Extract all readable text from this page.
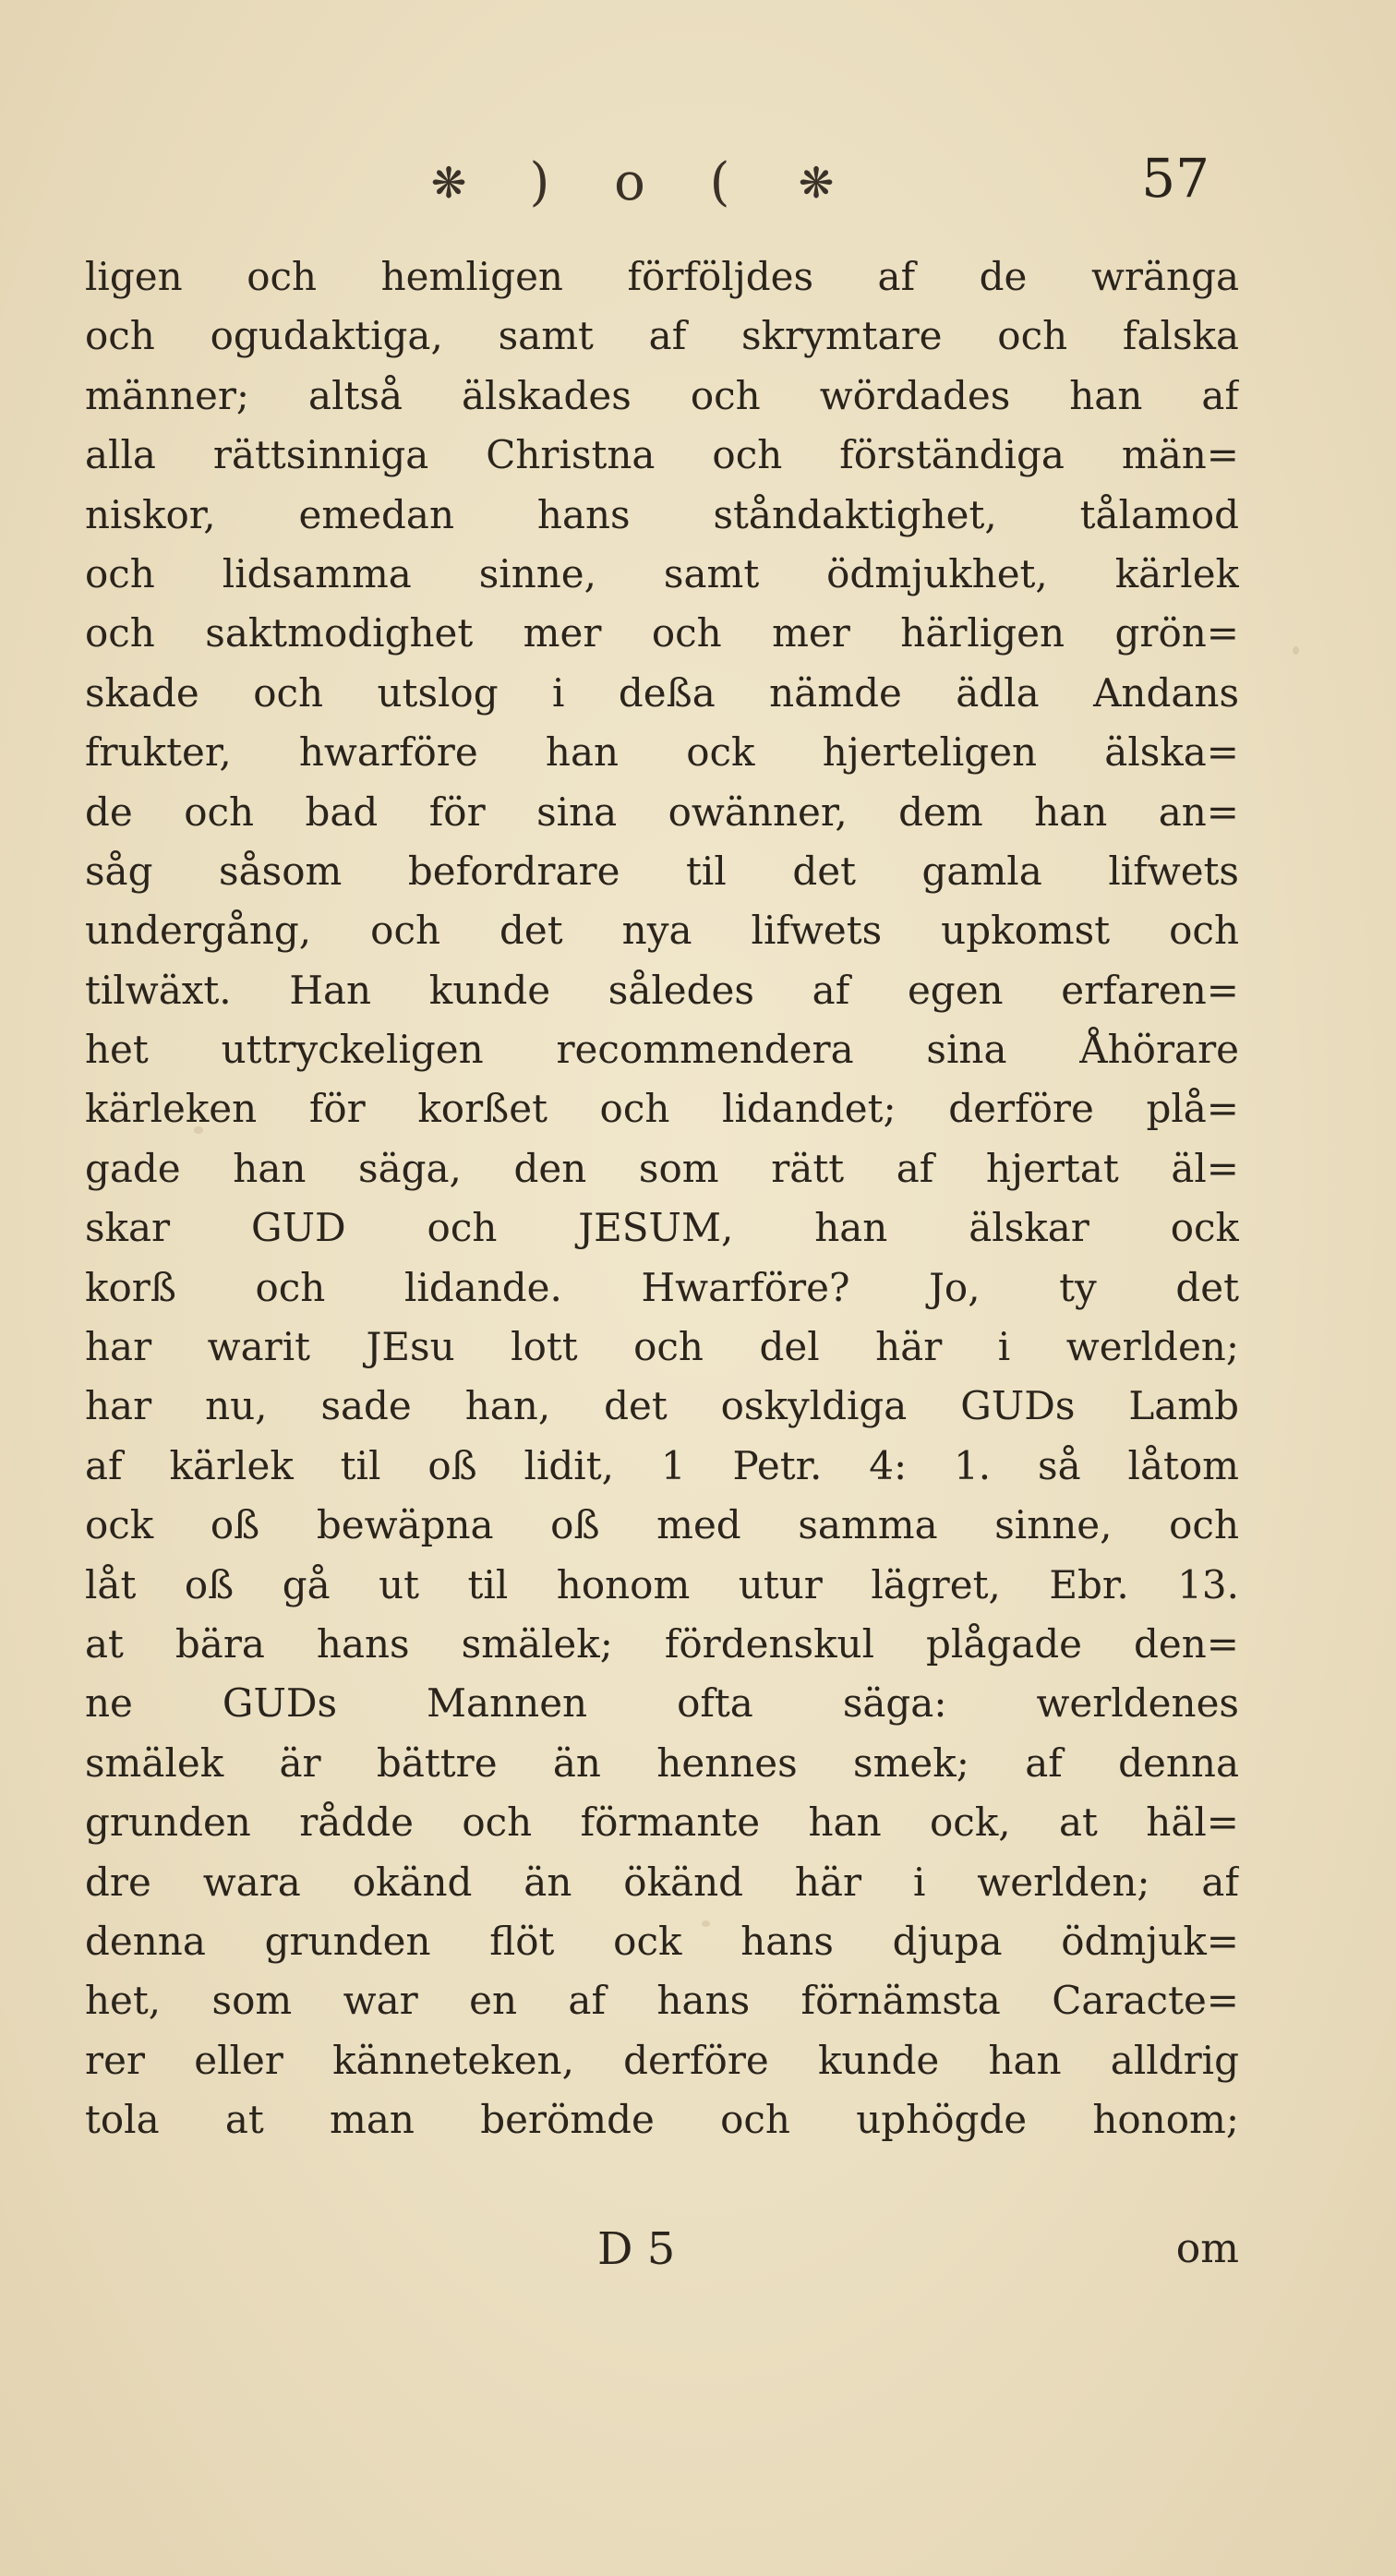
❋ ) o ( ❋	57
ligen och hemligen förföljdes af de wränga
och ogudaktiga, samt af skrymtare och falska
männer; altså älskades och wördades han af
alla rättsinniga Christna och förständiga män=
niskor, emedan hans ståndaktighet, tålamod
och lidsamma sinne, samt ödmjukhet, kärlek
och saktmodighet mer och mer härligen grön=
skade och utslog i deßa nämde ädla Andans
frukter, hwarföre han ock hjerteligen älska=
de och bad för sina owänner, dem han an=
såg såsom befordrare til det gamla lifwets
undergång, och det nya lifwets upkomst och
tilwäxt. Han kunde således af egen erfaren=
het uttryckeligen recommendera sina Åhörare
kärleken för korßet och lidandet; derföre plå=
gade han säga, den som rätt af hjertat äl=
skar GUD och JESUM, han älskar ock
korß och lidande. Hwarföre? Jo, ty det
har warit JEsu lott och del här i werlden;
har nu, sade han, det oskyldiga GUDs Lamb
af kärlek til oß lidit, 1 Petr. 4: 1. så låtom
ock oß bewäpna oß med samma sinne, och
låt oß gå ut til honom utur lägret, Ebr. 13.
at bära hans smälek; fördenskul plågade den=
ne GUDs Mannen ofta säga: werldenes
smälek är bättre än hennes smek; af denna
grunden rådde och förmante han ock, at häl=
dre wara okänd än ökänd här i werlden; af
denna grunden flöt ock hans djupa ödmjuk=
het, som war en af hans förnämsta Caracte=
rer eller känneteken, derföre kunde han alldrig
tola at man berömde och uphögde honom;
D 5	om
